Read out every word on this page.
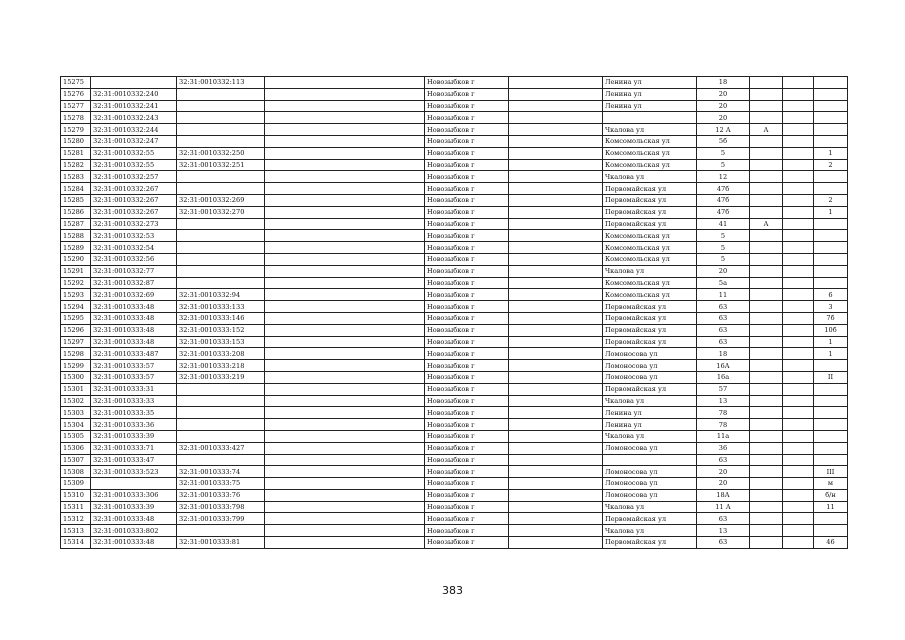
15275		32:31:0010332:113		Новозыбков г		Ленина ул	18			
15276	32:31:0010332:240			Новозыбков г		Ленина ул	20			
15277	32:31:0010332:241			Новозыбков г		Ленина ул	20			
15278	32:31:0010332:243			Новозыбков г			20			
15279	32:31:0010332:244			Новозыбков г		Чкалова ул	12 А	А		
15280	32:31:0010332:247			Новозыбков г		Комсомольская ул	5б			
15281	32:31:0010332:55	32:31:0010332:250		Новозыбков г		Комсомольская ул	5			1
15282	32:31:0010332:55	32:31:0010332:251		Новозыбков г		Комсомольская ул	5			2
15283	32:31:0010332:257			Новозыбков г		Чкалова ул	12			
15284	32:31:0010332:267			Новозыбков г		Первомайская ул	47б			
15285	32:31:0010332:267	32:31:0010332:269		Новозыбков г		Первомайская ул	47б			2
15286	32:31:0010332:267	32:31:0010332:270		Новозыбков г		Первомайская ул	47б			1
15287	32:31:0010332:273			Новозыбков г		Первомайская ул	41	А		
15288	32:31:0010332:53			Новозыбков г		Комсомольская ул	5			
15289	32:31:0010332:54			Новозыбков г		Комсомольская ул	5			
15290	32:31:0010332:56			Новозыбков г		Комсомольская ул	5			
15291	32:31:0010332:77			Новозыбков г		Чкалова ул	20			
15292	32:31:0010332:87			Новозыбков г		Комсомольская ул	5а			
15293	32:31:0010332:69	32:31:0010332:94		Новозыбков г		Комсомольская ул	11			6
15294	32:31:0010333:48	32:31:0010333:133		Новозыбков г		Первомайская ул	63			3
15295	32:31:0010333:48	32:31:0010333:146		Новозыбков г		Первомайская ул	63			7б
15296	32:31:0010333:48	32:31:0010333:152		Новозыбков г		Первомайская ул	63			10б
15297	32:31:0010333:48	32:31:0010333:153		Новозыбков г		Первомайская ул	63			1
15298	32:31:0010333:487	32:31:0010333:208		Новозыбков г		Ломоносова ул	18			1
15299	32:31:0010333:57	32:31:0010333:218		Новозыбков г		Ломоносова ул	16А			
15300	32:31:0010333:57	32:31:0010333:219		Новозыбков г		Ломоносова ул	16а			II
15301	32:31:0010333:31			Новозыбков г		Первомайская ул	57			
15302	32:31:0010333:33			Новозыбков г		Чкалова ул	13			
15303	32:31:0010333:35			Новозыбков г		Ленина ул	78			
15304	32:31:0010333:36			Новозыбков г		Ленина ул	78			
15305	32:31:0010333:39			Новозыбков г		Чкалова ул	11а			
15306	32:31:0010333:71	32:31:0010333:427		Новозыбков г		Ломоносова ул	36			
15307	32:31:0010333:47			Новозыбков г			63			
15308	32:31:0010333:523	32:31:0010333:74		Новозыбков г		Ломоносова ул	20			III
15309		32:31:0010333:75		Новозыбков г		Ломоносова ул	20			м
15310	32:31:0010333:306	32:31:0010333:76		Новозыбков г		Ломоносова ул	18А			б/н
15311	32:31:0010333:39	32:31:0010333:798		Новозыбков г		Чкалова ул	11 А			11
15312	32:31:0010333:48	32:31:0010333:799		Новозыбков г		Первомайская ул	63			
15313	32:31:0010333:802			Новозыбков г		Чкалова ул	13			
15314	32:31:0010333:48	32:31:0010333:81		Новозыбков г		Первомайская ул	63			46
383
